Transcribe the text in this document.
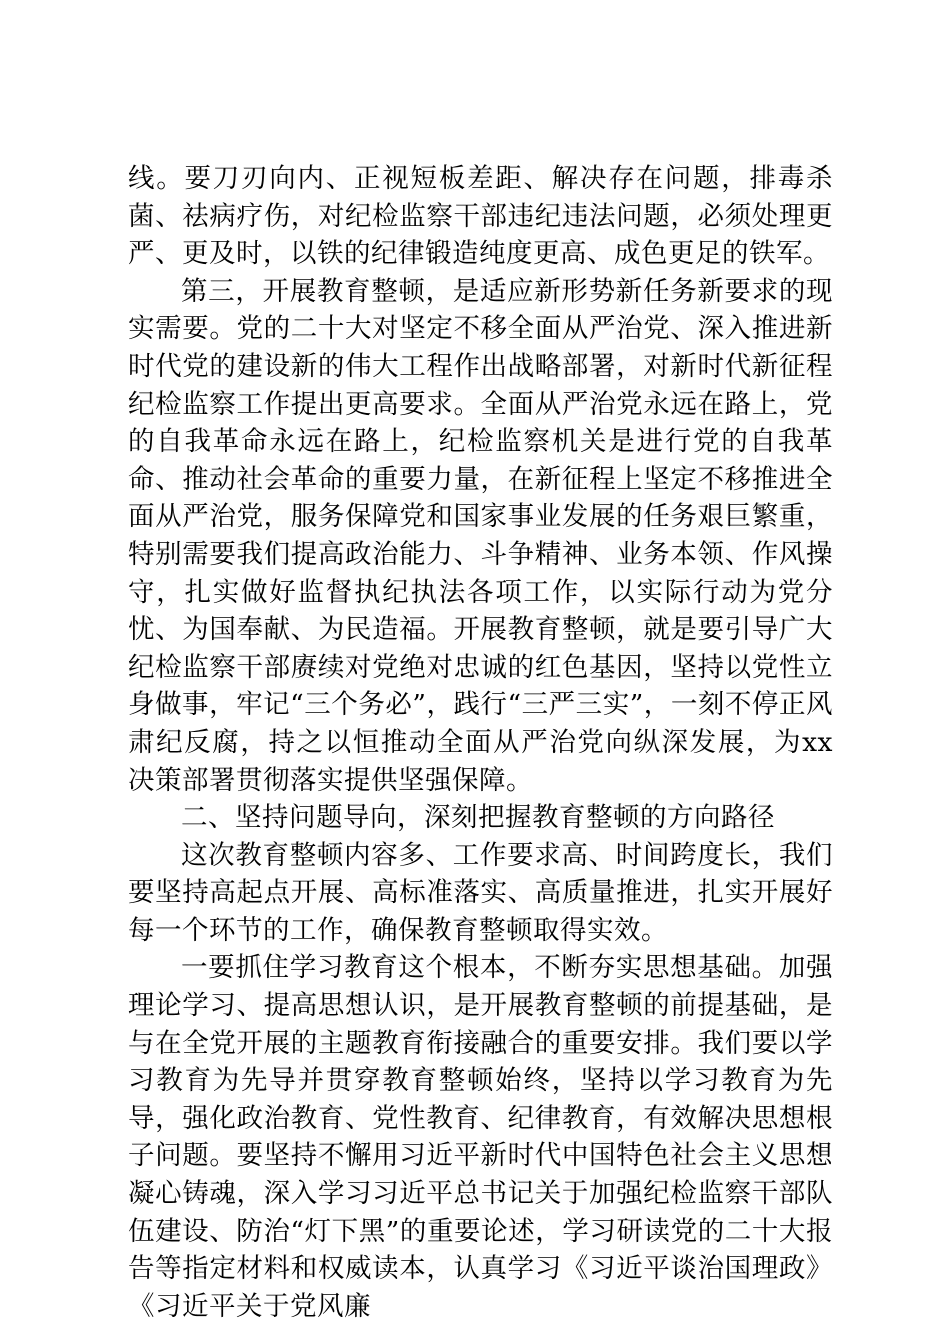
线。要刀刃向内、正视短板差距、解决存在问题，排毒杀菌、祛病疗伤，对纪检监察干部违纪违法问题，必须处理更严、更及时，以铁的纪律锻造纯度更高、成色更足的铁军。

第三，开展教育整顿，是适应新形势新任务新要求的现实需要。党的二十大对坚定不移全面从严治党、深入推进新时代党的建设新的伟大工程作出战略部署，对新时代新征程纪检监察工作提出更高要求。全面从严治党永远在路上，党的自我革命永远在路上，纪检监察机关是进行党的自我革命、推动社会革命的重要力量，在新征程上坚定不移推进全面从严治党，服务保障党和国家事业发展的任务艰巨繁重，特别需要我们提高政治能力、斗争精神、业务本领、作风操守，扎实做好监督执纪执法各项工作，以实际行动为党分忧、为国奉献、为民造福。开展教育整顿，就是要引导广大纪检监察干部赓续对党绝对忠诚的红色基因，坚持以党性立身做事，牢记“三个务必”，践行“三严三实”，一刻不停正风肃纪反腐，持之以恒推动全面从严治党向纵深发展，为xx决策部署贯彻落实提供坚强保障。

二、坚持问题导向，深刻把握教育整顿的方向路径

这次教育整顿内容多、工作要求高、时间跨度长，我们要坚持高起点开展、高标准落实、高质量推进，扎实开展好每一个环节的工作，确保教育整顿取得实效。

一要抓住学习教育这个根本，不断夯实思想基础。加强理论学习、提高思想认识，是开展教育整顿的前提基础，是与在全党开展的主题教育衔接融合的重要安排。我们要以学习教育为先导并贯穿教育整顿始终，坚持以学习教育为先导，强化政治教育、党性教育、纪律教育，有效解决思想根子问题。要坚持不懈用习近平新时代中国特色社会主义思想凝心铸魂，深入学习习近平总书记关于加强纪检监察干部队伍建设、防治“灯下黑”的重要论述，学习研读党的二十大报告等指定材料和权威读本，认真学习《习近平谈治国理政》《习近平关于党风廉
